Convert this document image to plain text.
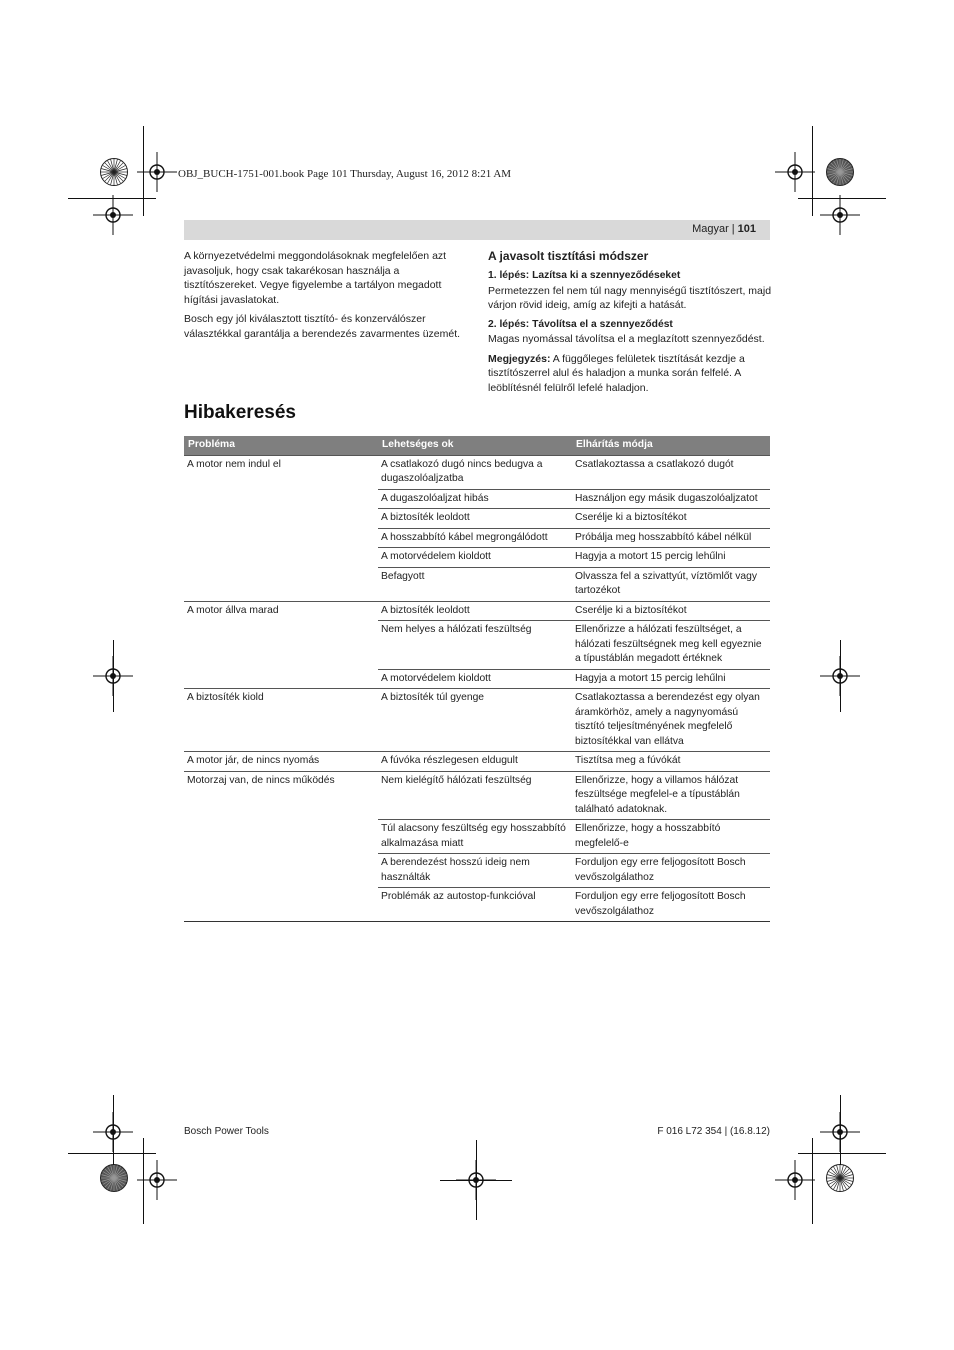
OBJ_BUCH-1751-001.book Page 101 Thursday, August 16, 2012 8:21 AM
Magyar | 101

A környezetvédelmi meggondolásoknak megfelelően azt javasoljuk, hogy csak takarékosan használja a tisztítószereket. Vegye figyelembe a tartályon megadott hígítási javaslatokat.

Bosch egy jól kiválasztott tisztító- és konzerválószer választékkal garantálja a berendezés zavarmentes üzemét.

A javasolt tisztítási módszer
1. lépés: Lazítsa ki a szennyeződéseket

Permetezzen fel nem túl nagy mennyiségű tisztítószert, majd várjon rövid ideig, amíg az kifejti a hatását.

2. lépés: Távolítsa el a szennyeződést

Magas nyomással távolítsa el a meglazított szennyeződést.

Megjegyzés: A függőleges felületek tisztítását kezdje a tisztítószerrel alul és haladjon a munka során felfelé. A leöblítésnél felülről lefelé haladjon.

Hibakeresés
Probléma	Lehetséges ok	Elhárítás módja
A motor nem indul el	A csatlakozó dugó nincs bedugva a dugaszolóaljzatba	Csatlakoztassa a csatlakozó dugót
	A dugaszolóaljzat hibás	Használjon egy másik dugaszolóaljzatot
	A biztosíték leoldott	Cserélje ki a biztosítékot
	A hosszabbító kábel megrongálódott	Próbálja meg hosszabbító kábel nélkül
	A motorvédelem kioldott	Hagyja a motort 15 percig lehűlni
	Befagyott	Olvassza fel a szivattyút, víztömlőt vagy tartozékot
A motor állva marad	A biztosíték leoldott	Cserélje ki a biztosítékot
	Nem helyes a hálózati feszültség	Ellenőrizze a hálózati feszültséget, a hálózati feszültségnek meg kell egyeznie a típustáblán megadott értéknek
	A motorvédelem kioldott	Hagyja a motort 15 percig lehűlni
A biztosíték kiold	A biztosíték túl gyenge	Csatlakoztassa a berendezést egy olyan áramkörhöz, amely a nagynyomású tisztító teljesítményének megfelelő biztosítékkal van ellátva
A motor jár, de nincs nyomás	A fúvóka részlegesen eldugult	Tisztítsa meg a fúvókát
Motorzaj van, de nincs működés	Nem kielégítő hálózati feszültség	Ellenőrizze, hogy a villamos hálózat feszültsége megfelel-e a típustáblán található adatoknak.
	Túl alacsony feszültség egy hosszabbító alkalmazása miatt	Ellenőrizze, hogy a hosszabbító megfelelő-e
	A berendezést hosszú ideig nem használták	Forduljon egy erre feljogosított Bosch vevőszolgálathoz
	Problémák az autostop-funkcióval	Forduljon egy erre feljogosított Bosch vevőszolgálathoz
Bosch Power Tools	F 016 L72 354 | (16.8.12)
